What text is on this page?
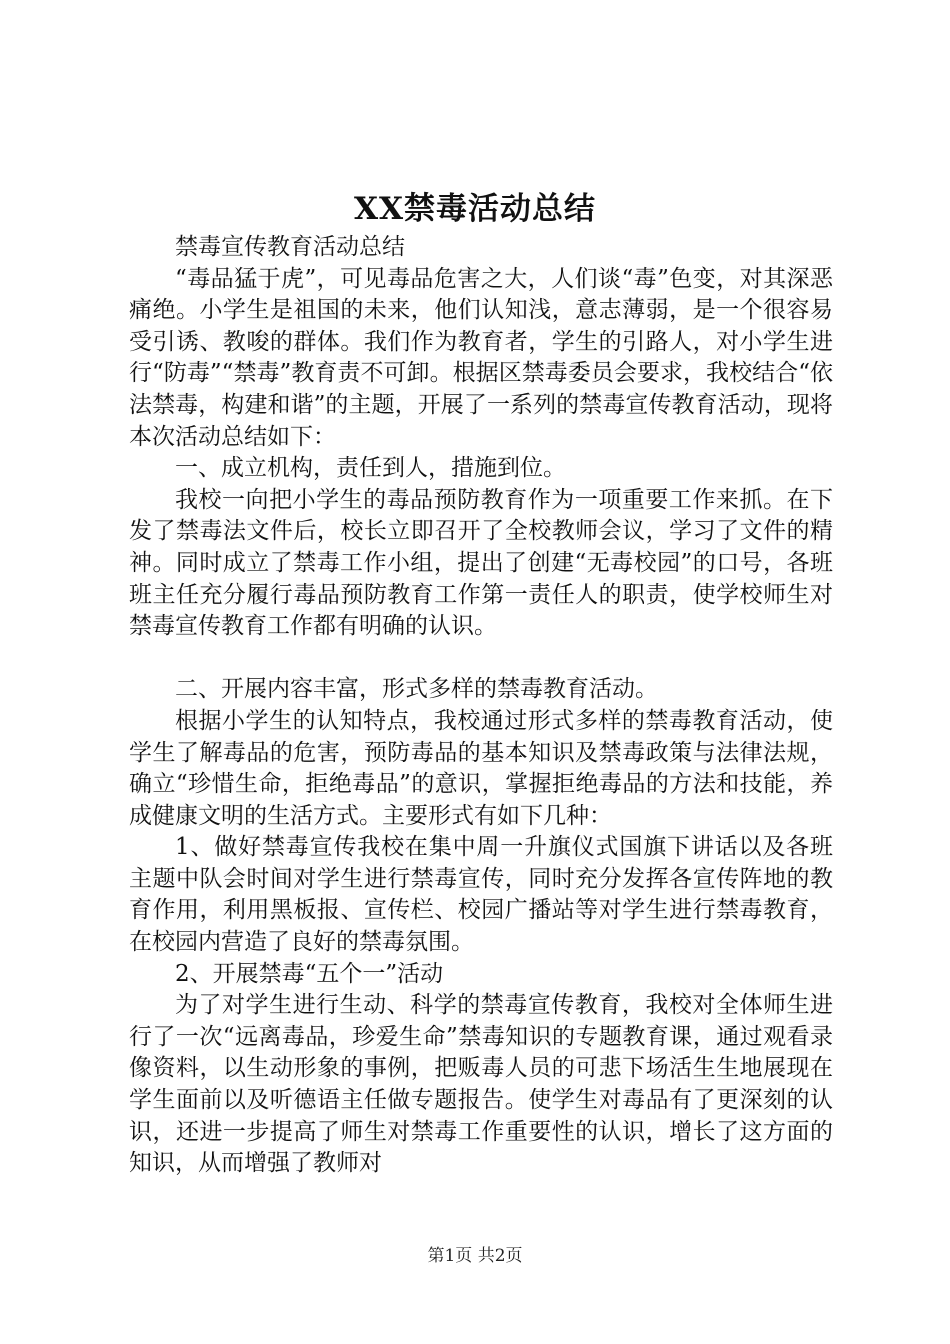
XX禁毒活动总结

禁毒宣传教育活动总结

“毒品猛于虎”，可见毒品危害之大，人们谈“毒”色变，对其深恶痛绝。小学生是祖国的未来，他们认知浅，意志薄弱，是一个很容易受引诱、教唆的群体。我们作为教育者，学生的引路人，对小学生进行“防毒”“禁毒”教育责不可卸。根据区禁毒委员会要求，我校结合“依法禁毒，构建和谐”的主题，开展了一系列的禁毒宣传教育活动，现将本次活动总结如下：

一、成立机构，责任到人，措施到位。

我校一向把小学生的毒品预防教育作为一项重要工作来抓。在下发了禁毒法文件后，校长立即召开了全校教师会议，学习了文件的精神。同时成立了禁毒工作小组，提出了创建“无毒校园”的口号，各班班主任充分履行毒品预防教育工作第一责任人的职责，使学校师生对禁毒宣传教育工作都有明确的认识。

二、开展内容丰富，形式多样的禁毒教育活动。

根据小学生的认知特点，我校通过形式多样的禁毒教育活动，使学生了解毒品的危害，预防毒品的基本知识及禁毒政策与法律法规，确立“珍惜生命，拒绝毒品”的意识，掌握拒绝毒品的方法和技能，养成健康文明的生活方式。主要形式有如下几种：

1、做好禁毒宣传我校在集中周一升旗仪式国旗下讲话以及各班主题中队会时间对学生进行禁毒宣传，同时充分发挥各宣传阵地的教育作用，利用黑板报、宣传栏、校园广播站等对学生进行禁毒教育，在校园内营造了良好的禁毒氛围。

2、开展禁毒“五个一”活动

为了对学生进行生动、科学的禁毒宣传教育，我校对全体师生进行了一次“远离毒品，珍爱生命”禁毒知识的专题教育课，通过观看录像资料，以生动形象的事例，把贩毒人员的可悲下场活生生地展现在学生面前以及听德语主任做专题报告。使学生对毒品有了更深刻的认识，还进一步提高了师生对禁毒工作重要性的认识，增长了这方面的知识，从而增强了教师对

第1页 共2页
